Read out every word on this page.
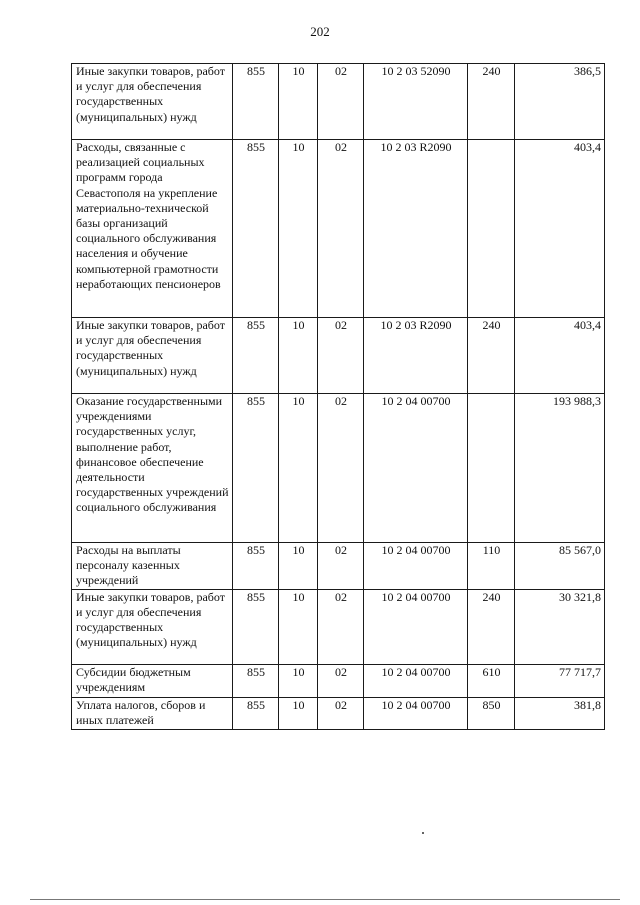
202
Иные закупки товаров, работ и услуг для обеспечения государственных (муниципальных) нужд	855	10	02	10 2 03 52090	240	386,5
Расходы, связанные с реализацией социальных программ города Севастополя на укрепление материально-технической базы организаций социального обслуживания населения и обучение компьютерной грамотности неработающих пенсионеров	855	10	02	10 2 03 R2090		403,4
Иные закупки товаров, работ и услуг для обеспечения государственных (муниципальных) нужд	855	10	02	10 2 03 R2090	240	403,4
Оказание государственными учреждениями государственных услуг, выполнение работ, финансовое обеспечение деятельности государственных учреждений социального обслуживания	855	10	02	10 2 04 00700		193 988,3
Расходы на выплаты персоналу казенных учреждений	855	10	02	10 2 04 00700	110	85 567,0
Иные закупки товаров, работ и услуг для обеспечения государственных (муниципальных) нужд	855	10	02	10 2 04 00700	240	30 321,8
Субсидии бюджетным учреждениям	855	10	02	10 2 04 00700	610	77 717,7
Уплата налогов, сборов и иных платежей	855	10	02	10 2 04 00700	850	381,8
